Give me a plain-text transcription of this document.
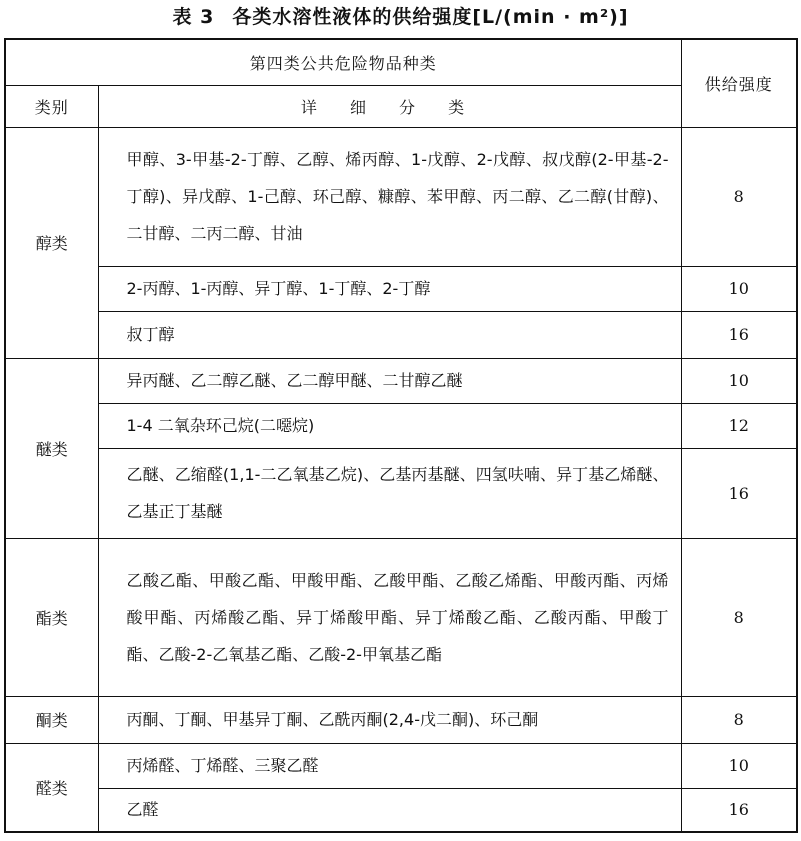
表 3 各类水溶性液体的供给强度[L/(min · m²)]
第四类公共危险物品种类		供给强度
类别	详 细 分 类	
醇类	甲醇、3-甲基-2-丁醇、乙醇、烯丙醇、1-戊醇、2-戊醇、叔戊醇(2-甲基-2-丁醇)、异戊醇、1-己醇、环己醇、糠醇、苯甲醇、丙二醇、乙二醇(甘醇)、二甘醇、二丙二醇、甘油	8
	2-丙醇、1-丙醇、异丁醇、1-丁醇、2-丁醇	10
	叔丁醇	16
醚类	异丙醚、乙二醇乙醚、乙二醇甲醚、二甘醇乙醚	10
	1-4 二氧杂环己烷(二噁烷)	12
	乙醚、乙缩醛(1,1-二乙氧基乙烷)、乙基丙基醚、四氢呋喃、异丁基乙烯醚、乙基正丁基醚	16
酯类	乙酸乙酯、甲酸乙酯、甲酸甲酯、乙酸甲酯、乙酸乙烯酯、甲酸丙酯、丙烯酸甲酯、丙烯酸乙酯、异丁烯酸甲酯、异丁烯酸乙酯、乙酸丙酯、甲酸丁酯、乙酸-2-乙氧基乙酯、乙酸-2-甲氧基乙酯	8
酮类	丙酮、丁酮、甲基异丁酮、乙酰丙酮(2,4-戊二酮)、环己酮	8
醛类	丙烯醛、丁烯醛、三聚乙醛	10
	乙醛	16
